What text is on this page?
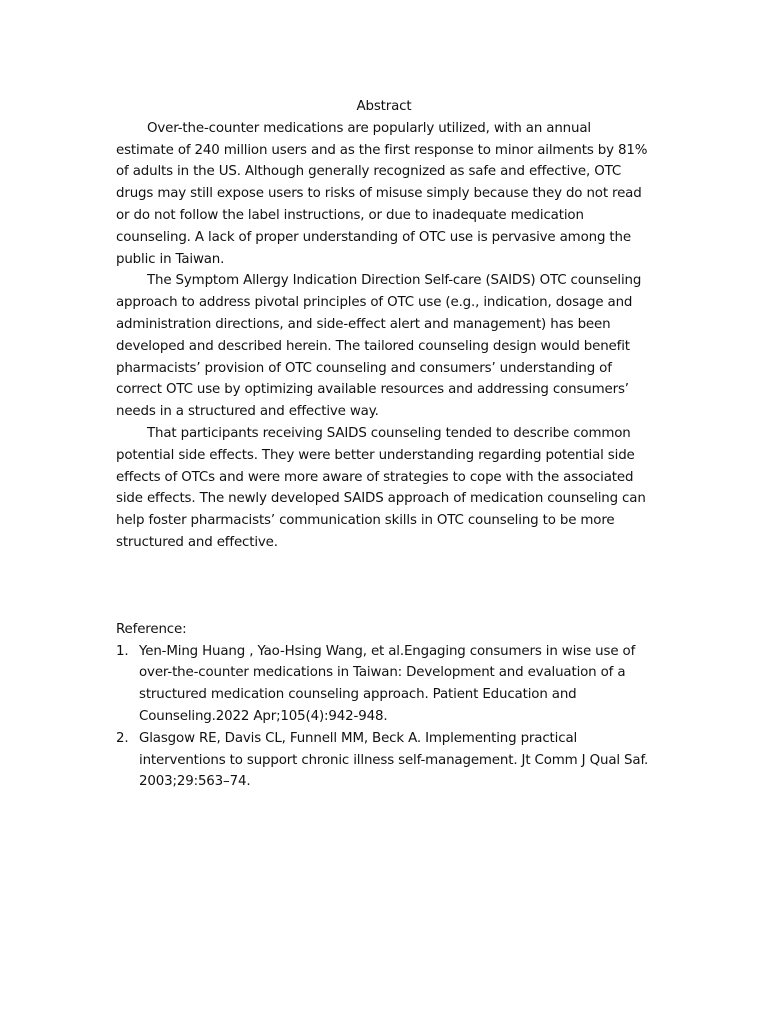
Abstract

Over-the-counter medications are popularly utilized, with an annual estimate of 240 million users and as the first response to minor ailments by 81% of adults in the US. Although generally recognized as safe and effective, OTC drugs may still expose users to risks of misuse simply because they do not read or do not follow the label instructions, or due to inadequate medication counseling. A lack of proper understanding of OTC use is pervasive among the public in Taiwan.

The Symptom Allergy Indication Direction Self-care (SAIDS) OTC counseling approach to address pivotal principles of OTC use (e.g., indication, dosage and administration directions, and side-effect alert and management) has been developed and described herein. The tailored counseling design would benefit pharmacists’ provision of OTC counseling and consumers’ understanding of correct OTC use by optimizing available resources and addressing consumers’ needs in a structured and effective way.

That participants receiving SAIDS counseling tended to describe common potential side effects. They were better understanding regarding potential side effects of OTCs and were more aware of strategies to cope with the associated side effects. The newly developed SAIDS approach of medication counseling can help foster pharmacists’ communication skills in OTC counseling to be more structured and effective.

Reference:

1. Yen-Ming Huang , Yao-Hsing Wang, et al.Engaging consumers in wise use of over-the-counter medications in Taiwan: Development and evaluation of a structured medication counseling approach. Patient Education and Counseling.2022 Apr;105(4):942-948.
2. Glasgow RE, Davis CL, Funnell MM, Beck A. Implementing practical interventions to support chronic illness self-management. Jt Comm J Qual Saf. 2003;29:563–74.
